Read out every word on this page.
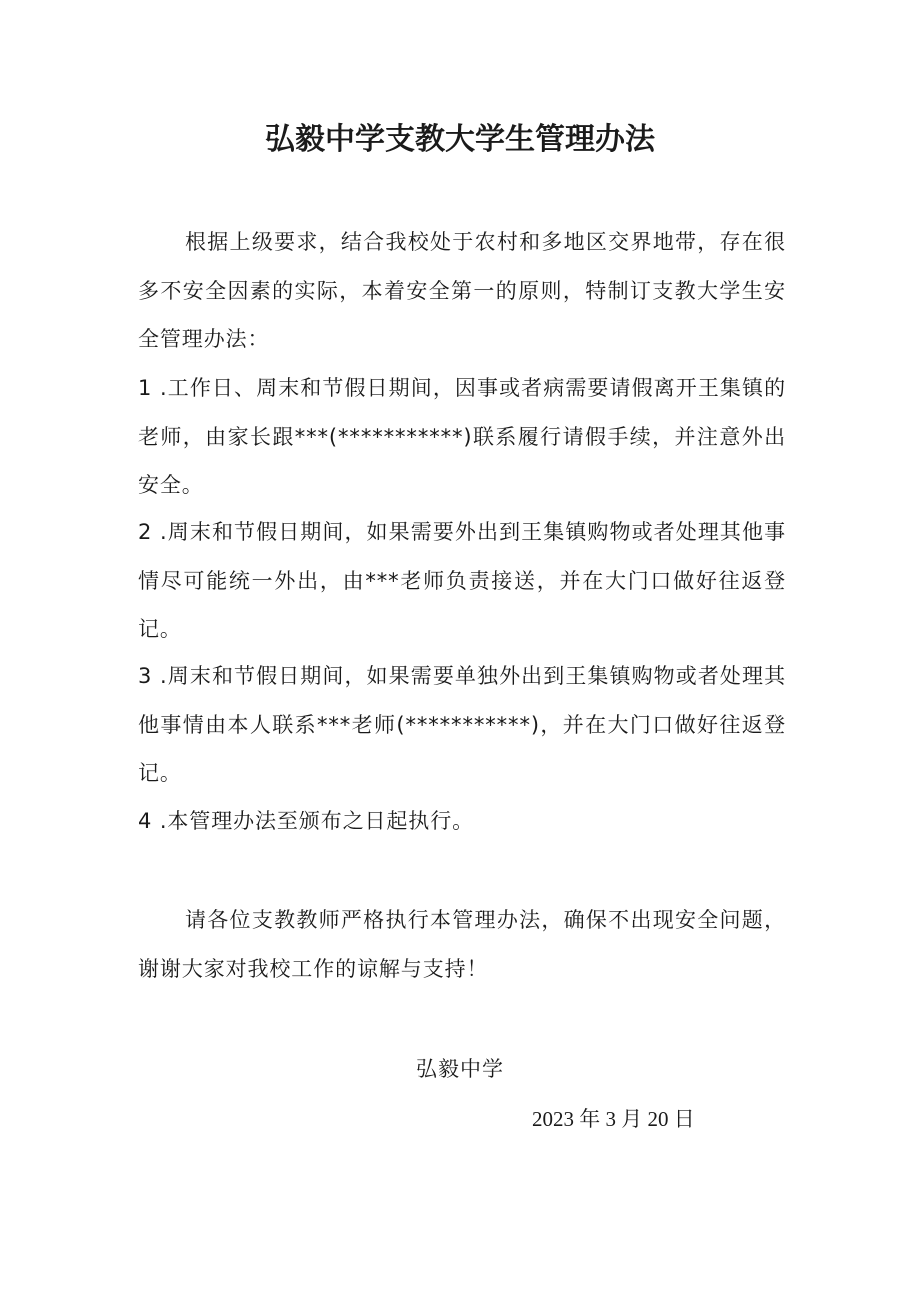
弘毅中学支教大学生管理办法

根据上级要求，结合我校处于农村和多地区交界地带，存在很多不安全因素的实际，本着安全第一的原则，特制订支教大学生安全管理办法：

1 .工作日、周末和节假日期间，因事或者病需要请假离开王集镇的老师，由家长跟***(***********)联系履行请假手续，并注意外出安全。

2 .周末和节假日期间，如果需要外出到王集镇购物或者处理其他事情尽可能统一外出，由***老师负责接送，并在大门口做好往返登记。

3 .周末和节假日期间，如果需要单独外出到王集镇购物或者处理其他事情由本人联系***老师(***********)，并在大门口做好往返登记。

4 .本管理办法至颁布之日起执行。

请各位支教教师严格执行本管理办法，确保不出现安全问题，谢谢大家对我校工作的谅解与支持！

弘毅中学
2023 年 3 月 20 日
